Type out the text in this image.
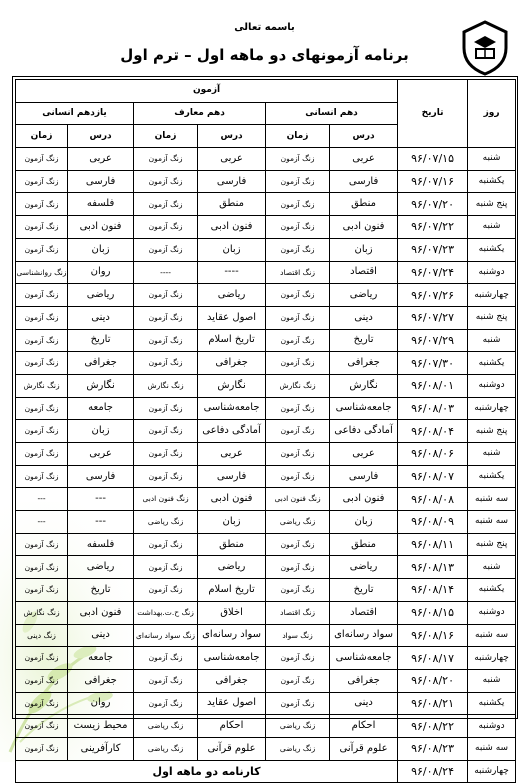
باسمه تعالی
برنامه آزمونهای دو ماهه اول – ترم اول
روز	تاریخ	آزمون					
		دهم انسانی		دهم معارف		یازدهم انسانی	
		درس	زمان	درس	زمان	درس	زمان
شنبه	۹۶/۰۷/۱۵	عربی	زنگ آزمون	عربی	زنگ آزمون	عربی	زنگ آزمون
یکشنبه	۹۶/۰۷/۱۶	فارسی	زنگ آزمون	فارسی	زنگ آزمون	فارسی	زنگ آزمون
پنج شنبه	۹۶/۰۷/۲۰	منطق	زنگ آزمون	منطق	زنگ آزمون	فلسفه	زنگ آزمون
شنبه	۹۶/۰۷/۲۲	فنون ادبی	زنگ آزمون	فنون ادبی	زنگ آزمون	فنون ادبی	زنگ آزمون
یکشنبه	۹۶/۰۷/۲۳	زبان	زنگ آزمون	زبان	زنگ آزمون	زبان	زنگ آزمون
دوشنبه	۹۶/۰۷/۲۴	اقتصاد	زنگ اقتصاد	----	----	روان	زنگ روانشناسی
چهارشنبه	۹۶/۰۷/۲۶	ریاضی	زنگ آزمون	ریاضی	زنگ آزمون	ریاضی	زنگ آزمون
پنج شنبه	۹۶/۰۷/۲۷	دینی	زنگ آزمون	اصول عقاید	زنگ آزمون	دینی	زنگ آزمون
شنبه	۹۶/۰۷/۲۹	تاریخ	زنگ آزمون	تاریخ اسلام	زنگ آزمون	تاریخ	زنگ آزمون
یکشنبه	۹۶/۰۷/۳۰	جغرافی	زنگ آزمون	جغرافی	زنگ آزمون	جغرافی	زنگ آزمون
دوشنبه	۹۶/۰۸/۰۱	نگارش	زنگ نگارش	نگارش	زنگ نگارش	نگارش	زنگ نگارش
چهارشنبه	۹۶/۰۸/۰۳	جامعه‌شناسی	زنگ آزمون	جامعه‌شناسی	زنگ آزمون	جامعه	زنگ آزمون
پنج شنبه	۹۶/۰۸/۰۴	آمادگی دفاعی	زنگ آزمون	آمادگی دفاعی	زنگ آزمون	زبان	زنگ آزمون
شنبه	۹۶/۰۸/۰۶	عربی	زنگ آزمون	عربی	زنگ آزمون	عربی	زنگ آزمون
یکشنبه	۹۶/۰۸/۰۷	فارسی	زنگ آزمون	فارسی	زنگ آزمون	فارسی	زنگ آزمون
سه شنبه	۹۶/۰۸/۰۸	فنون ادبی	زنگ فنون ادبی	فنون ادبی	زنگ فنون ادبی	---	---
سه شنبه	۹۶/۰۸/۰۹	زبان	زنگ ریاضی	زبان	زنگ ریاضی	---	---
پنج شنبه	۹۶/۰۸/۱۱	منطق	زنگ آزمون	منطق	زنگ آزمون	فلسفه	زنگ آزمون
شنبه	۹۶/۰۸/۱۳	ریاضی	زنگ آزمون	ریاضی	زنگ آزمون	ریاضی	زنگ آزمون
یکشنبه	۹۶/۰۸/۱۴	تاریخ	زنگ آزمون	تاریخ اسلام	زنگ آزمون	تاریخ	زنگ آزمون
دوشنبه	۹۶/۰۸/۱۵	اقتصاد	زنگ اقتصاد	اخلاق	زنگ ح.ت.بهداشت	فنون ادبی	زنگ نگارش
سه شنبه	۹۶/۰۸/۱۶	سواد رسانه‌ای	زنگ سواد	سواد رسانه‌ای	زنگ سواد رسانه‌ای	دینی	زنگ دینی
چهارشنبه	۹۶/۰۸/۱۷	جامعه‌شناسی	زنگ آزمون	جامعه‌شناسی	زنگ آزمون	جامعه	زنگ آزمون
شنبه	۹۶/۰۸/۲۰	جغرافی	زنگ آزمون	جغرافی	زنگ آزمون	جغرافی	زنگ آزمون
یکشنبه	۹۶/۰۸/۲۱	دینی	زنگ آزمون	اصول عقاید	زنگ آزمون	روان	زنگ آزمون
دوشنبه	۹۶/۰۸/۲۲	احکام	زنگ ریاضی	احکام	زنگ ریاضی	محیط زیست	زنگ آزمون
سه شنبه	۹۶/۰۸/۲۳	علوم قرآنی	زنگ ریاضی	علوم قرآنی	زنگ ریاضی	کارآفرینی	زنگ آزمون
چهارشنبه	۹۶/۰۸/۲۴	کارنامه دو ماهه اول					
